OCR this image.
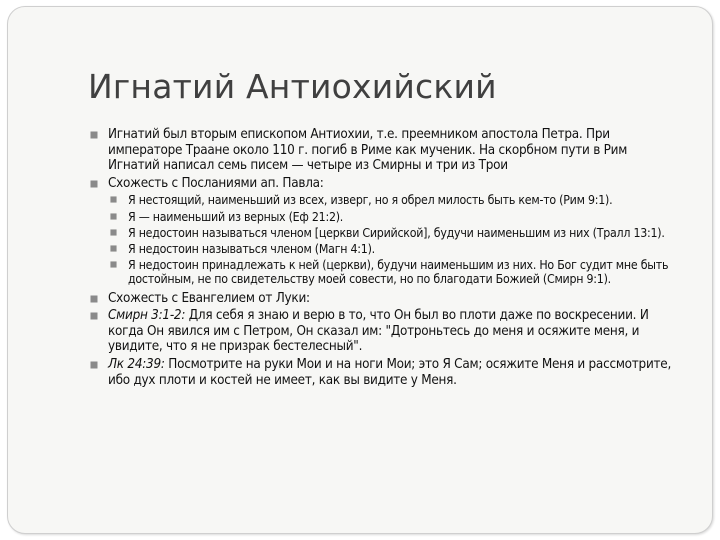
Игнатий Антиохийский
Игнатий был вторым епископом Антиохии, т.е. преемником апостола Петра. При императоре Траане около 110 г. погиб в Риме как мученик. На скорбном пути в Рим Игнатий написал семь писем — четыре из Смирны и три из Трои
Схожесть с Посланиями ап. Павла:
Я нестоящий, наименьший из всех, изверг, но я обрел милость быть кем-то (Рим 9:1).
Я — наименьший из верных (Еф 21:2).
Я недостоин называться членом [церкви Сирийской], будучи наименьшим из них (Тралл 13:1).
Я недостоин называться членом (Магн 4:1).
Я недостоин принадлежать к ней (церкви), будучи наименьшим из них. Но Бог судит мне быть достойным, не по свидетельству моей совести, но по благодати Божией (Смирн 9:1).
Схожесть с Евангелием от Луки:
Смирн 3:1-2: Для себя я знаю и верю в то, что Он был во плоти даже по воскресении. И когда Он явился им с Петром, Он сказал им: "Дотроньтесь до меня и осяжите меня, и увидите, что я не призрак бестелесный".
Лк 24:39: Посмотрите на руки Мои и на ноги Мои; это Я Сам; осяжите Меня и рассмотрите, ибо дух плоти и костей не имеет, как вы видите у Меня.
